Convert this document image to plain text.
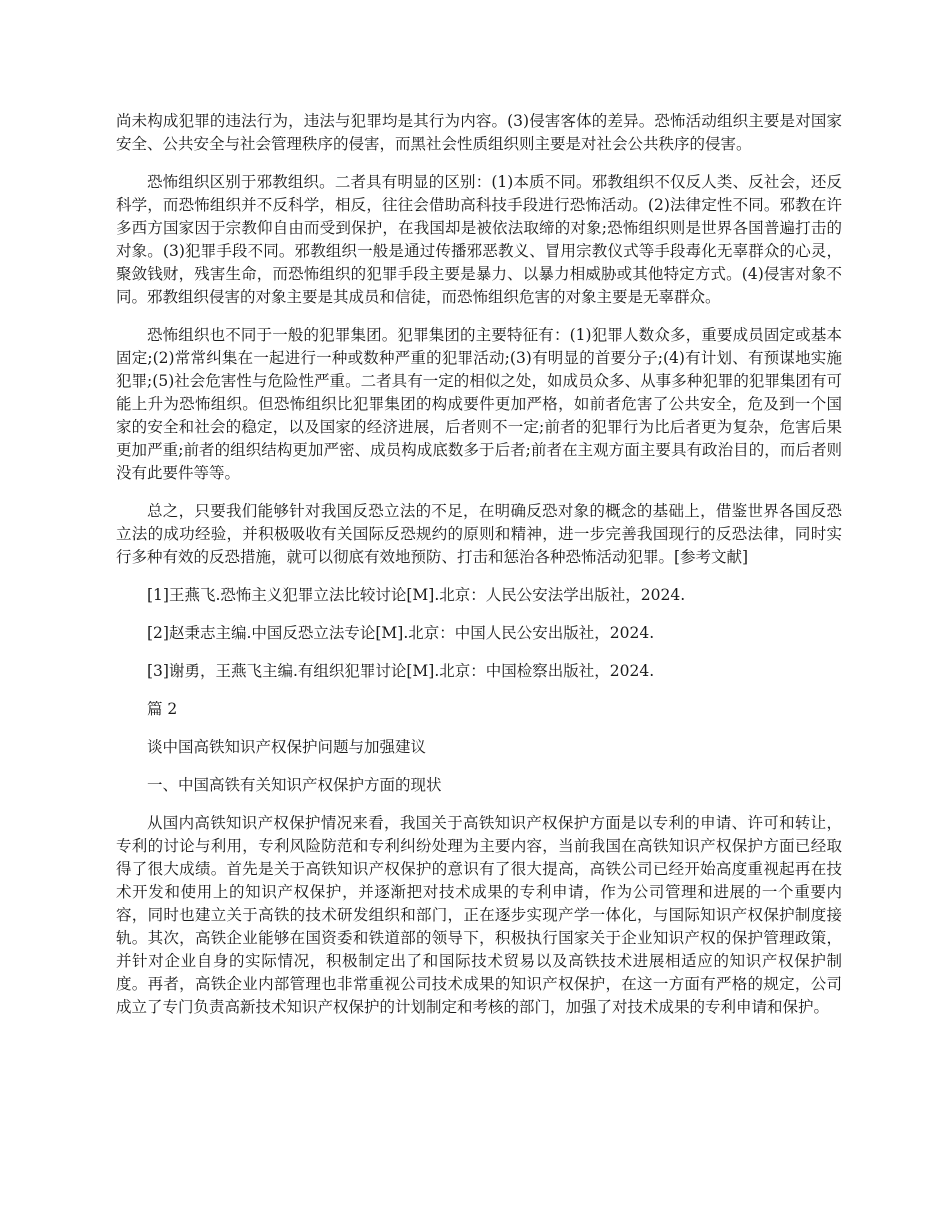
尚未构成犯罪的违法行为，违法与犯罪均是其行为内容。(3)侵害客体的差异。恐怖活动组织主要是对国家安全、公共安全与社会管理秩序的侵害，而黑社会性质组织则主要是对社会公共秩序的侵害。

恐怖组织区别于邪教组织。二者具有明显的区别：(1)本质不同。邪教组织不仅反人类、反社会，还反科学，而恐怖组织并不反科学，相反，往往会借助高科技手段进行恐怖活动。(2)法律定性不同。邪教在许多西方国家因于宗教仰自由而受到保护，在我国却是被依法取缔的对象;恐怖组织则是世界各国普遍打击的对象。(3)犯罪手段不同。邪教组织一般是通过传播邪恶教义、冒用宗教仪式等手段毒化无辜群众的心灵，聚敛钱财，残害生命，而恐怖组织的犯罪手段主要是暴力、以暴力相威胁或其他特定方式。(4)侵害对象不同。邪教组织侵害的对象主要是其成员和信徒，而恐怖组织危害的对象主要是无辜群众。

恐怖组织也不同于一般的犯罪集团。犯罪集团的主要特征有：(1)犯罪人数众多，重要成员固定或基本固定;(2)常常纠集在一起进行一种或数种严重的犯罪活动;(3)有明显的首要分子;(4)有计划、有预谋地实施犯罪;(5)社会危害性与危险性严重。二者具有一定的相似之处，如成员众多、从事多种犯罪的犯罪集团有可能上升为恐怖组织。但恐怖组织比犯罪集团的构成要件更加严格，如前者危害了公共安全，危及到一个国家的安全和社会的稳定，以及国家的经济进展，后者则不一定;前者的犯罪行为比后者更为复杂，危害后果更加严重;前者的组织结构更加严密、成员构成底数多于后者;前者在主观方面主要具有政治目的，而后者则没有此要件等等。

总之，只要我们能够针对我国反恐立法的不足，在明确反恐对象的概念的基础上，借鉴世界各国反恐立法的成功经验，并积极吸收有关国际反恐规约的原则和精神，进一步完善我国现行的反恐法律，同时实行多种有效的反恐措施，就可以彻底有效地预防、打击和惩治各种恐怖活动犯罪。[参考文献]

[1]王燕飞.恐怖主义犯罪立法比较讨论[M].北京：人民公安法学出版社，2024.

[2]赵秉志主编.中国反恐立法专论[M].北京：中国人民公安出版社，2024.

[3]谢勇，王燕飞主编.有组织犯罪讨论[M].北京：中国检察出版社，2024.

篇 2

谈中国高铁知识产权保护问题与加强建议

一、中国高铁有关知识产权保护方面的现状

从国内高铁知识产权保护情况来看，我国关于高铁知识产权保护方面是以专利的申请、许可和转让，专利的讨论与利用，专利风险防范和专利纠纷处理为主要内容，当前我国在高铁知识产权保护方面已经取得了很大成绩。首先是关于高铁知识产权保护的意识有了很大提高，高铁公司已经开始高度重视起再在技术开发和使用上的知识产权保护，并逐渐把对技术成果的专利申请，作为公司管理和进展的一个重要内容，同时也建立关于高铁的技术研发组织和部门，正在逐步实现产学一体化，与国际知识产权保护制度接轨。其次，高铁企业能够在国资委和铁道部的领导下，积极执行国家关于企业知识产权的保护管理政策，并针对企业自身的实际情况，积极制定出了和国际技术贸易以及高铁技术进展相适应的知识产权保护制度。再者，高铁企业内部管理也非常重视公司技术成果的知识产权保护，在这一方面有严格的规定，公司成立了专门负责高新技术知识产权保护的计划制定和考核的部门，加强了对技术成果的专利申请和保护。
